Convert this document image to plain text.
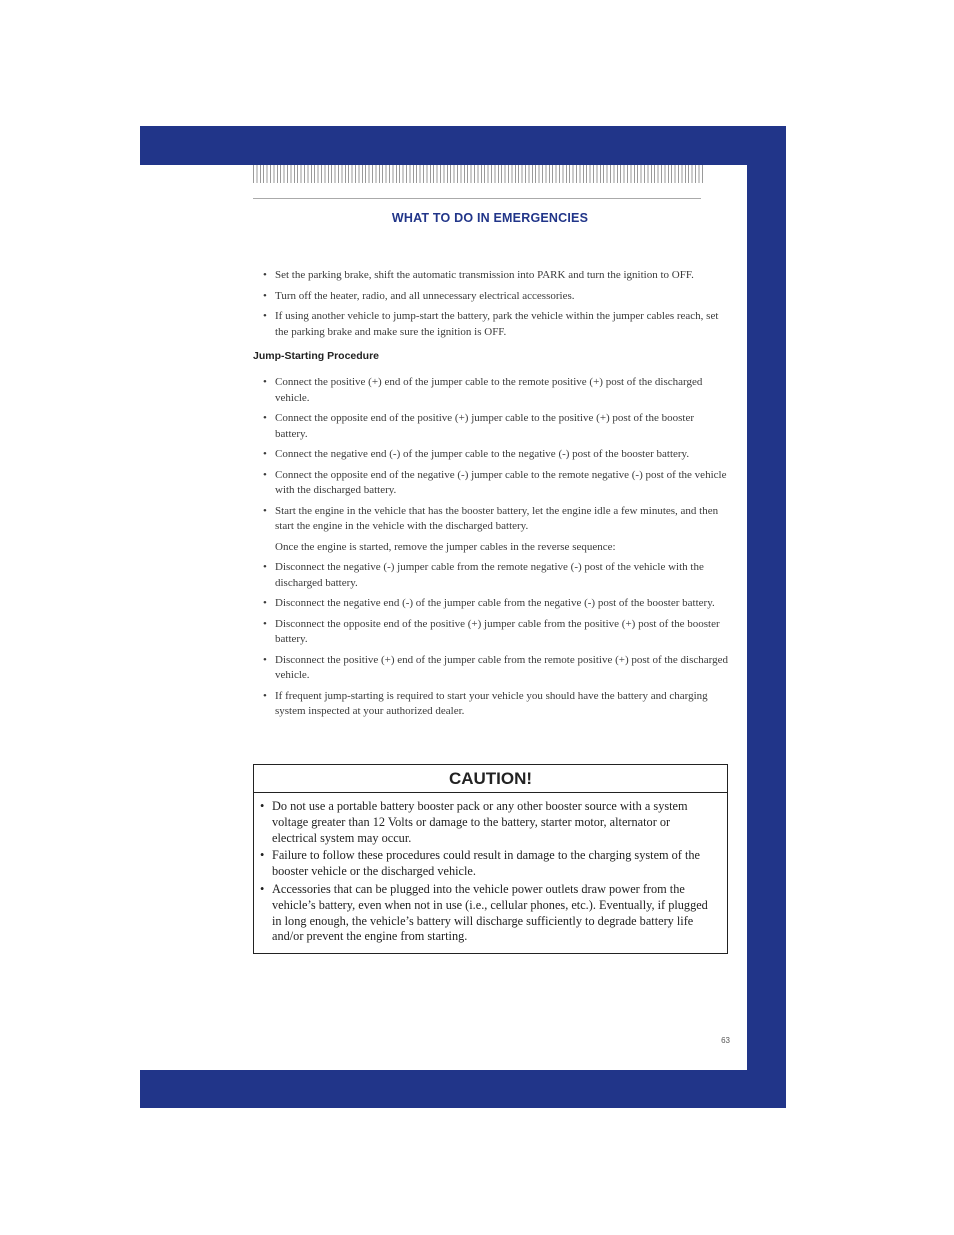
WHAT TO DO IN EMERGENCIES
• Set the parking brake, shift the automatic transmission into PARK and turn the ignition to OFF.
• Turn off the heater, radio, and all unnecessary electrical accessories.
• If using another vehicle to jump-start the battery, park the vehicle within the jumper cables reach, set the parking brake and make sure the ignition is OFF.
Jump-Starting Procedure
• Connect the positive (+) end of the jumper cable to the remote positive (+) post of the discharged vehicle.
• Connect the opposite end of the positive (+) jumper cable to the positive (+) post of the booster battery.
• Connect the negative end (-) of the jumper cable to the negative (-) post of the booster battery.
• Connect the opposite end of the negative (-) jumper cable to the remote negative (-) post of the vehicle with the discharged battery.
• Start the engine in the vehicle that has the booster battery, let the engine idle a few minutes, and then start the engine in the vehicle with the discharged battery.
Once the engine is started, remove the jumper cables in the reverse sequence:
• Disconnect the negative (-) jumper cable from the remote negative (-) post of the vehicle with the discharged battery.
• Disconnect the negative end (-) of the jumper cable from the negative (-) post of the booster battery.
• Disconnect the opposite end of the positive (+) jumper cable from the positive (+) post of the booster battery.
• Disconnect the positive (+) end of the jumper cable from the remote positive (+) post of the discharged vehicle.
• If frequent jump-starting is required to start your vehicle you should have the battery and charging system inspected at your authorized dealer.
CAUTION!
• Do not use a portable battery booster pack or any other booster source with a system voltage greater than 12 Volts or damage to the battery, starter motor, alternator or electrical system may occur.
• Failure to follow these procedures could result in damage to the charging system of the booster vehicle or the discharged vehicle.
• Accessories that can be plugged into the vehicle power outlets draw power from the vehicle’s battery, even when not in use (i.e., cellular phones, etc.). Eventually, if plugged in long enough, the vehicle’s battery will discharge sufficiently to degrade battery life and/or prevent the engine from starting.
63
